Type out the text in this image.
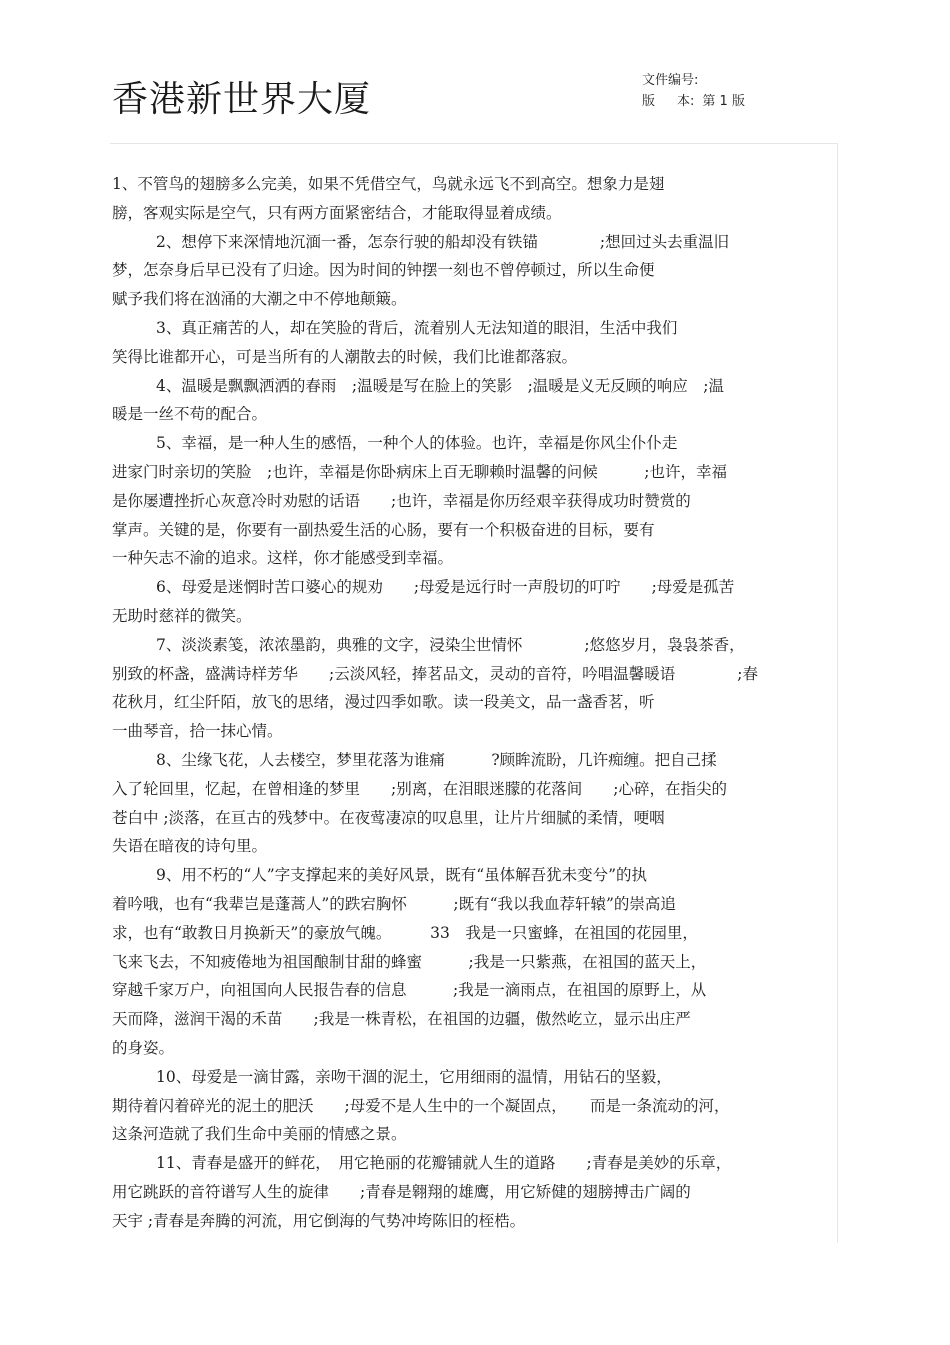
香港新世界大厦	文件编号:
版 本: 第 1 版
1、不管鸟的翅膀多么完美，如果不凭借空气，鸟就永远飞不到高空。想象力是翅
膀，客观实际是空气，只有两方面紧密结合，才能取得显着成绩。
2、想停下来深情地沉湎一番，怎奈行驶的船却没有铁锚　　　　;想回过头去重温旧
梦，怎奈身后早已没有了归途。因为时间的钟摆一刻也不曾停顿过，所以生命便
赋予我们将在汹涌的大潮之中不停地颠簸。
3、真正痛苦的人，却在笑脸的背后，流着别人无法知道的眼泪，生活中我们
笑得比谁都开心，可是当所有的人潮散去的时候，我们比谁都落寂。
4、温暖是飘飘洒洒的春雨　;温暖是写在脸上的笑影　;温暖是义无反顾的响应　;温
暖是一丝不苟的配合。
5、幸福，是一种人生的感悟，一种个人的体验。也许，幸福是你风尘仆仆走
进家门时亲切的笑脸　;也许，幸福是你卧病床上百无聊赖时温馨的问候　　　;也许，幸福
是你屡遭挫折心灰意冷时劝慰的话语　　;也许，幸福是你历经艰辛获得成功时赞赏的
掌声。关键的是，你要有一副热爱生活的心肠，要有一个积极奋进的目标，要有
一种矢志不渝的追求。这样，你才能感受到幸福。
6、母爱是迷惘时苦口婆心的规劝　　;母爱是远行时一声殷切的叮咛　　;母爱是孤苦
无助时慈祥的微笑。
7、淡淡素笺，浓浓墨韵，典雅的文字，浸染尘世情怀　　　　;悠悠岁月，袅袅茶香，
别致的杯盏，盛满诗样芳华　　;云淡风轻，捧茗品文，灵动的音符，吟唱温馨暖语　　　　;春
花秋月，红尘阡陌，放飞的思绪，漫过四季如歌。读一段美文，品一盏香茗，听
一曲琴音，拾一抹心情。
8、尘缘飞花，人去楼空，梦里花落为谁痛　　　?顾眸流盼，几许痴缠。把自己揉
入了轮回里，忆起，在曾相逢的梦里　　;别离，在泪眼迷朦的花落间　　;心碎，在指尖的
苍白中 ;淡落，在亘古的残梦中。在夜莺凄凉的叹息里，让片片细腻的柔情，哽咽
失语在暗夜的诗句里。
9、用不朽的“人”字支撑起来的美好风景，既有“虽体解吾犹未变兮”的执
着吟哦，也有“我辈岂是蓬蒿人”的跌宕胸怀　　　;既有“我以我血荐轩辕”的崇高追
求，也有“敢教日月换新天”的豪放气魄。　　　33　我是一只蜜蜂，在祖国的花园里，
飞来飞去，不知疲倦地为祖国酿制甘甜的蜂蜜　　　;我是一只紫燕，在祖国的蓝天上，
穿越千家万户，向祖国向人民报告春的信息　　　;我是一滴雨点，在祖国的原野上，从
天而降，滋润干渴的禾苗　　;我是一株青松，在祖国的边疆，傲然屹立，显示出庄严
的身姿。
10、母爱是一滴甘露，亲吻干涸的泥土，它用细雨的温情，用钻石的坚毅，
期待着闪着碎光的泥土的肥沃　　;母爱不是人生中的一个凝固点，　　而是一条流动的河，
这条河造就了我们生命中美丽的情感之景。
11、青春是盛开的鲜花，　用它艳丽的花瓣铺就人生的道路　　;青春是美妙的乐章，
用它跳跃的音符谱写人生的旋律　　;青春是翱翔的雄鹰，用它矫健的翅膀搏击广阔的
天宇 ;青春是奔腾的河流，用它倒海的气势冲垮陈旧的桎梏。
